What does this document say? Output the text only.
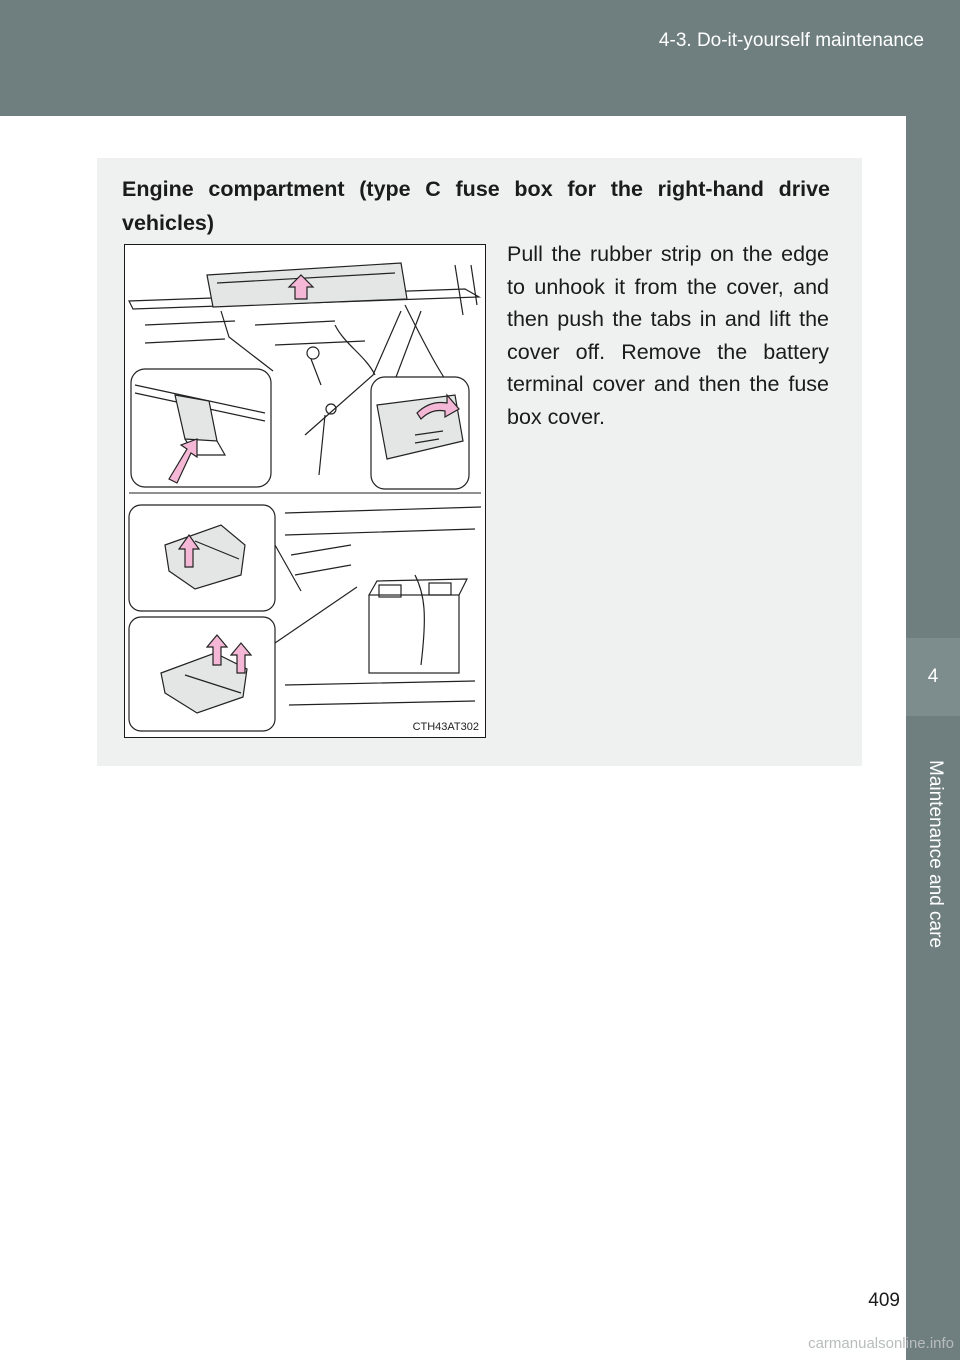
4-3. Do-it-yourself maintenance
4
Maintenance and care

Engine compartment (type C fuse box for the right-hand drive vehicles)

CTH43AT302

Pull the rubber strip on the edge to unhook it from the cover, and then push the tabs in and lift the cover off. Remove the battery terminal cover and then the fuse box cover.

409
carmanualsonline.info
